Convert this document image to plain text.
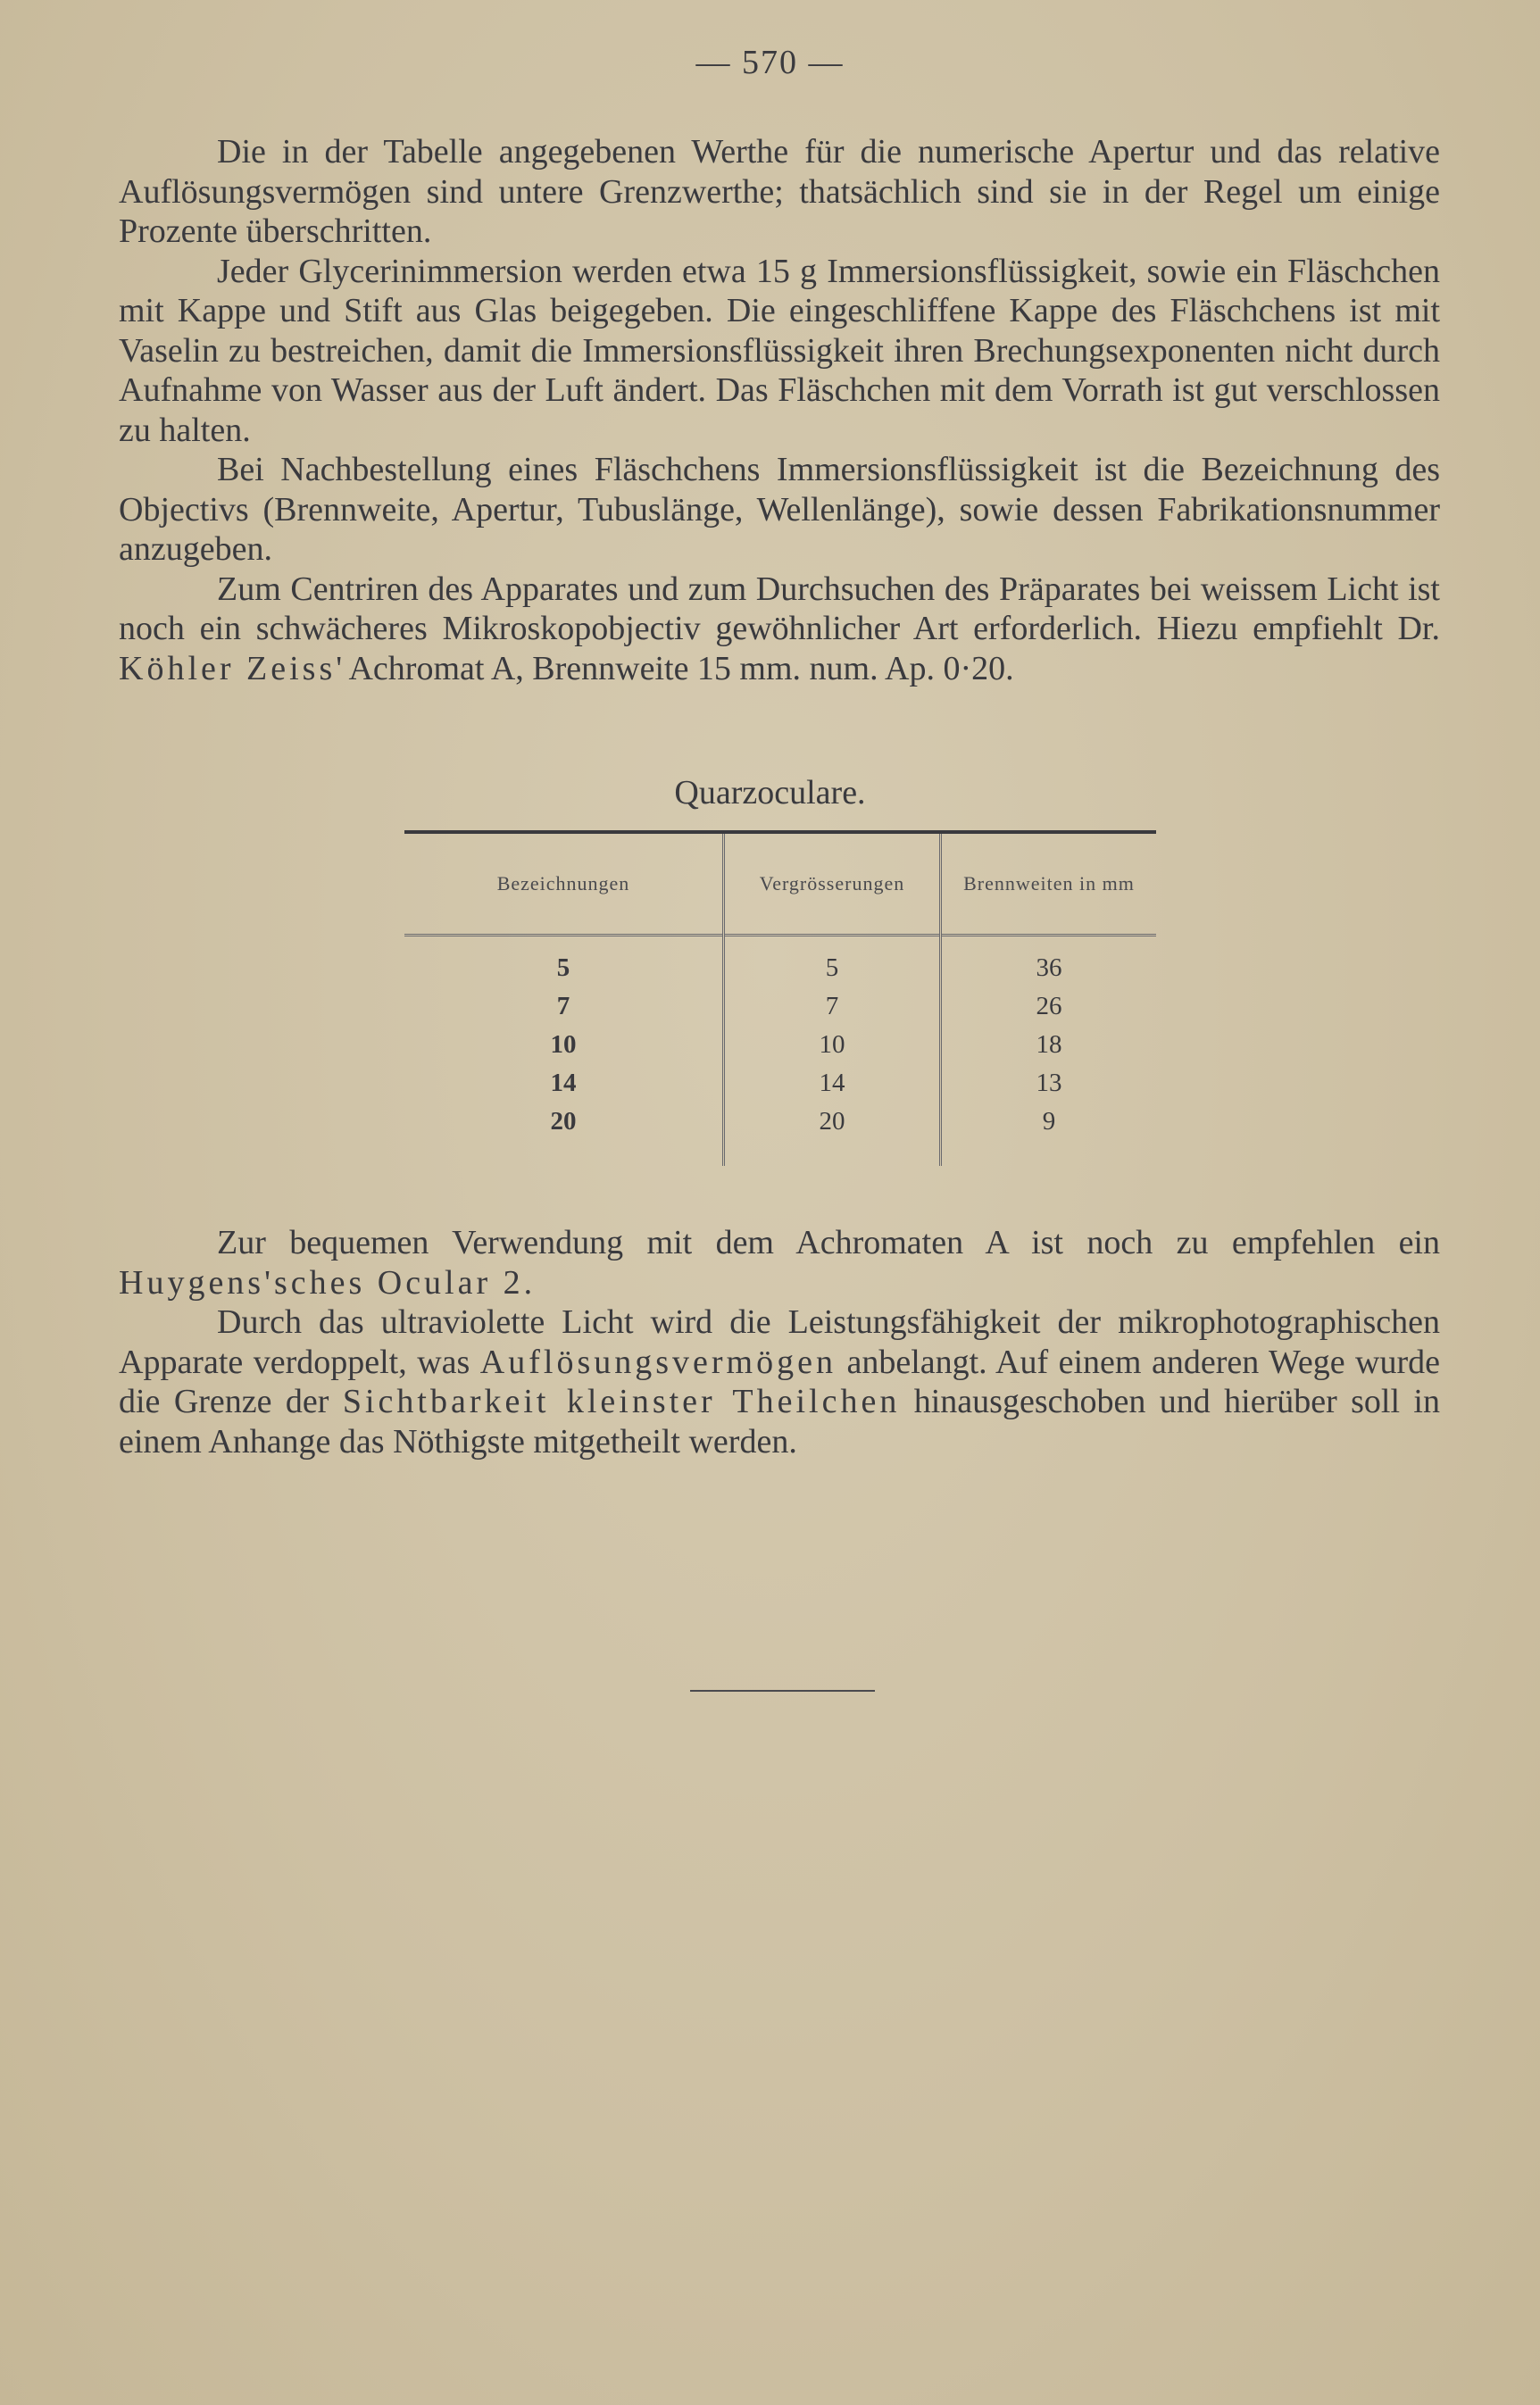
— 570 —

Die in der Tabelle angegebenen Werthe für die numerische Apertur und das relative Auflösungsvermögen sind untere Grenzwerthe; thatsächlich sind sie in der Regel um einige Prozente überschritten.

Jeder Glycerinimmersion werden etwa 15 g Immersionsflüssigkeit, sowie ein Fläschchen mit Kappe und Stift aus Glas beigegeben. Die eingeschliffene Kappe des Fläschchens ist mit Vaselin zu bestreichen, damit die Immersionsflüssigkeit ihren Brechungsexponenten nicht durch Aufnahme von Wasser aus der Luft ändert. Das Fläschchen mit dem Vorrath ist gut verschlossen zu halten.

Bei Nachbestellung eines Fläschchens Immersionsflüssigkeit ist die Bezeichnung des Objectivs (Brennweite, Apertur, Tubuslänge, Wellenlänge), sowie dessen Fabrikationsnummer anzugeben.

Zum Centriren des Apparates und zum Durchsuchen des Präparates bei weissem Licht ist noch ein schwächeres Mikroskopobjectiv gewöhnlicher Art erforderlich. Hiezu empfiehlt Dr. Köhler Zeiss' Achromat A, Brennweite 15 mm. num. Ap. 0·20.

Quarzoculare.
Bezeichnungen	Vergrösserungen	Brennweiten in mm
5	5	36
7	7	26
10	10	18
14	14	13
20	20	9

Zur bequemen Verwendung mit dem Achromaten A ist noch zu empfehlen ein Huygens'sches Ocular 2.

Durch das ultraviolette Licht wird die Leistungsfähigkeit der mikrophotographischen Apparate verdoppelt, was Auflösungsvermögen anbelangt. Auf einem anderen Wege wurde die Grenze der Sichtbarkeit kleinster Theilchen hinausgeschoben und hierüber soll in einem Anhange das Nöthigste mitgetheilt werden.
